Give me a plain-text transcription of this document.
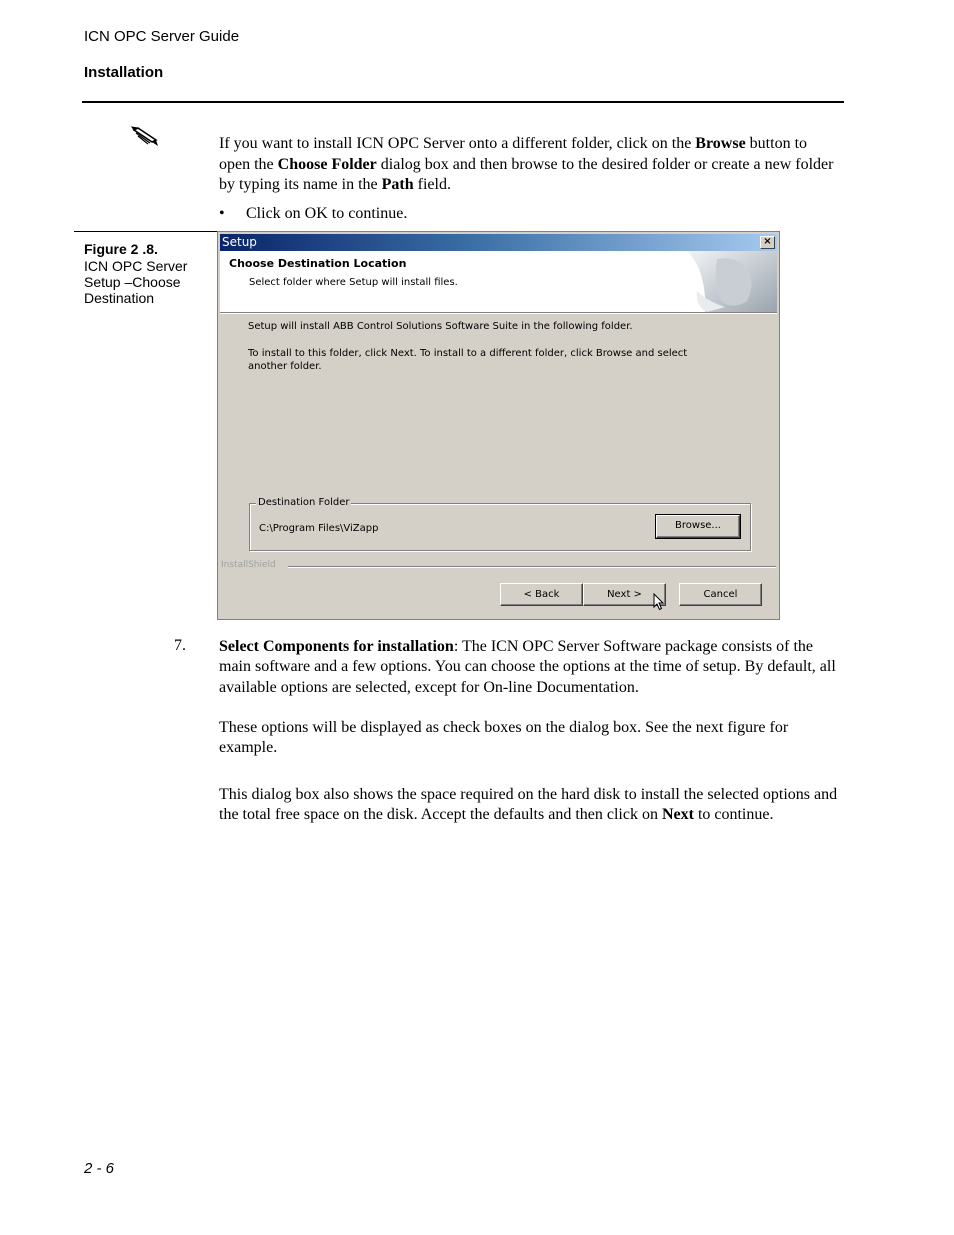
ICN OPC Server Guide
Installation
If you want to install ICN OPC Server onto a different folder, click on the Browse button to open the Choose Folder dialog box and then browse to the desired folder or create a new folder by typing its name in the Path field.
• Click on OK to continue.
Figure 2 .8.
ICN OPC Server Setup –Choose Destination
Setup	×
Choose Destination Location
Select folder where Setup will install files.
Setup will install ABB Control Solutions Software Suite in the following folder.
To install to this folder, click Next. To install to a different folder, click Browse and select another folder.
Destination Folder
C:\Program Files\ViZapp	Browse...
InstallShield
< Back	Next >	Cancel
7. Select Components for installation: The ICN OPC Server Software package consists of the main software and a few options. You can choose the options at the time of setup. By default, all available options are selected, except for On-line Documentation.
These options will be displayed as check boxes on the dialog box. See the next figure for example.
This dialog box also shows the space required on the hard disk to install the selected options and the total free space on the disk. Accept the defaults and then click on Next to continue.
2 - 6
